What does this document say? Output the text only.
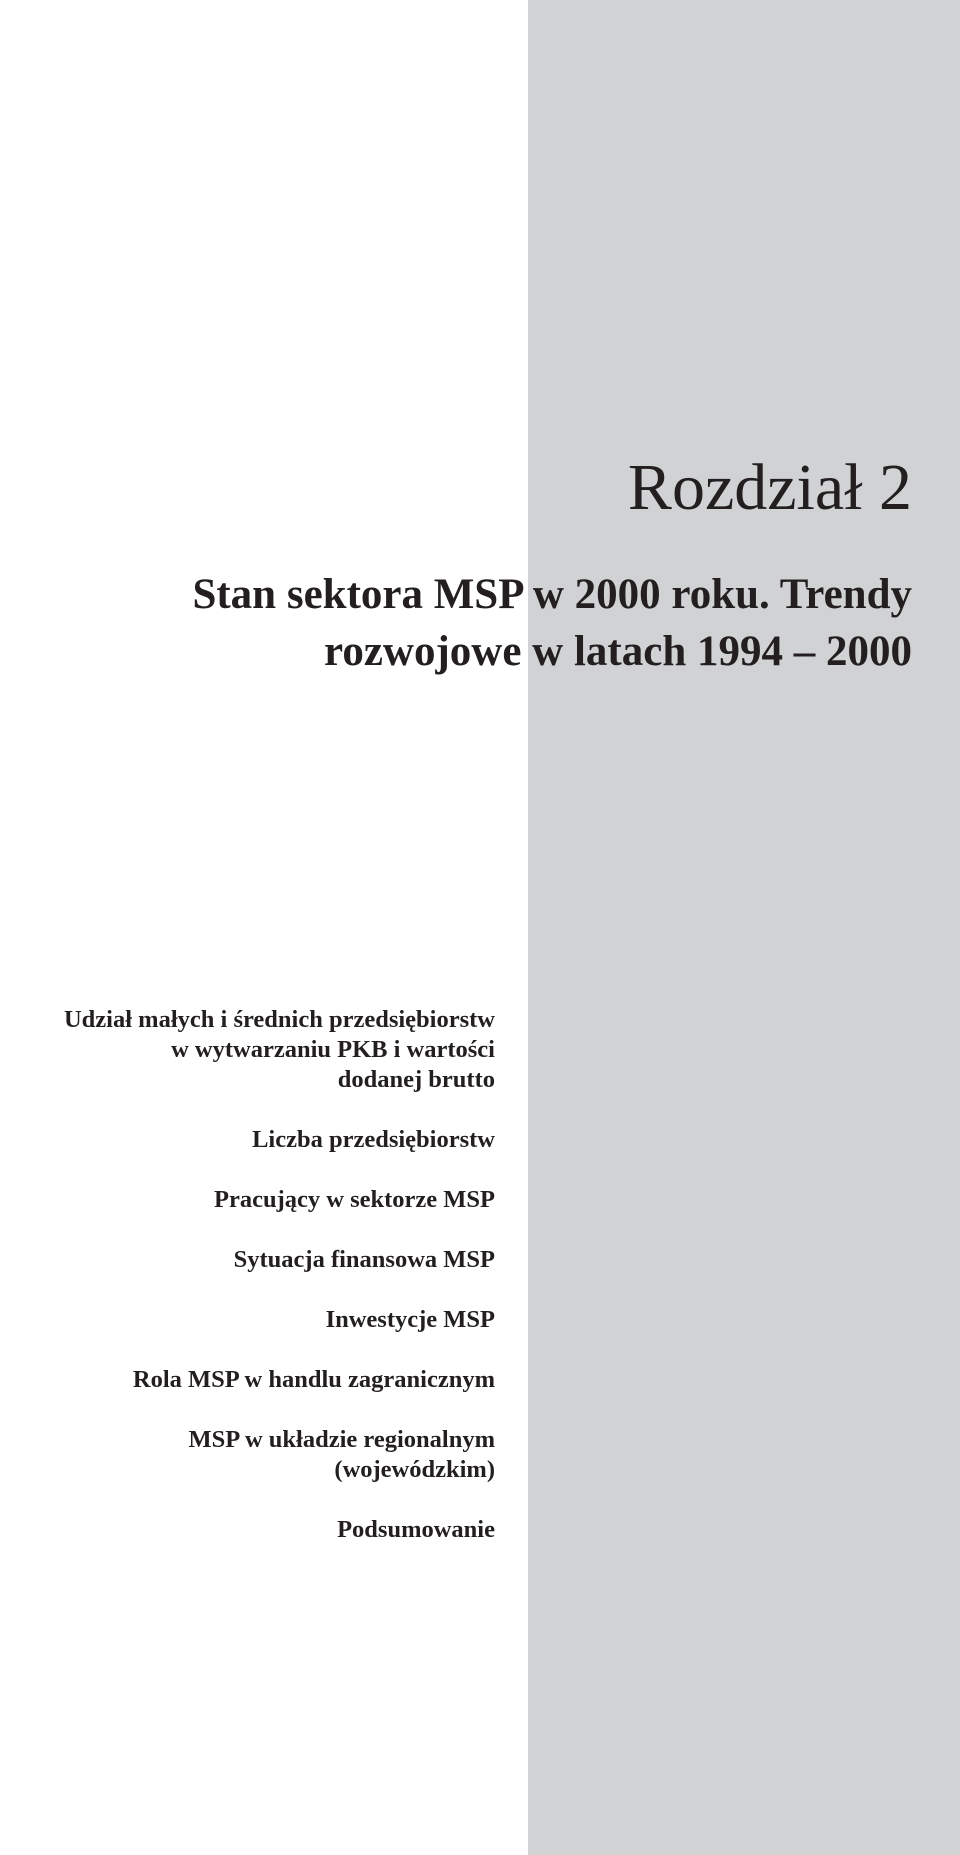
Rozdział 2
Stan sektora MSP w 2000 roku. Trendy
rozwojowe w latach 1994 – 2000
Udział małych i średnich przedsiębiorstw
w wytwarzaniu PKB i wartości
dodanej brutto
Liczba przedsiębiorstw
Pracujący w sektorze MSP
Sytuacja finansowa MSP
Inwestycje MSP
Rola MSP w handlu zagranicznym
MSP w układzie regionalnym
(wojewódzkim)
Podsumowanie
